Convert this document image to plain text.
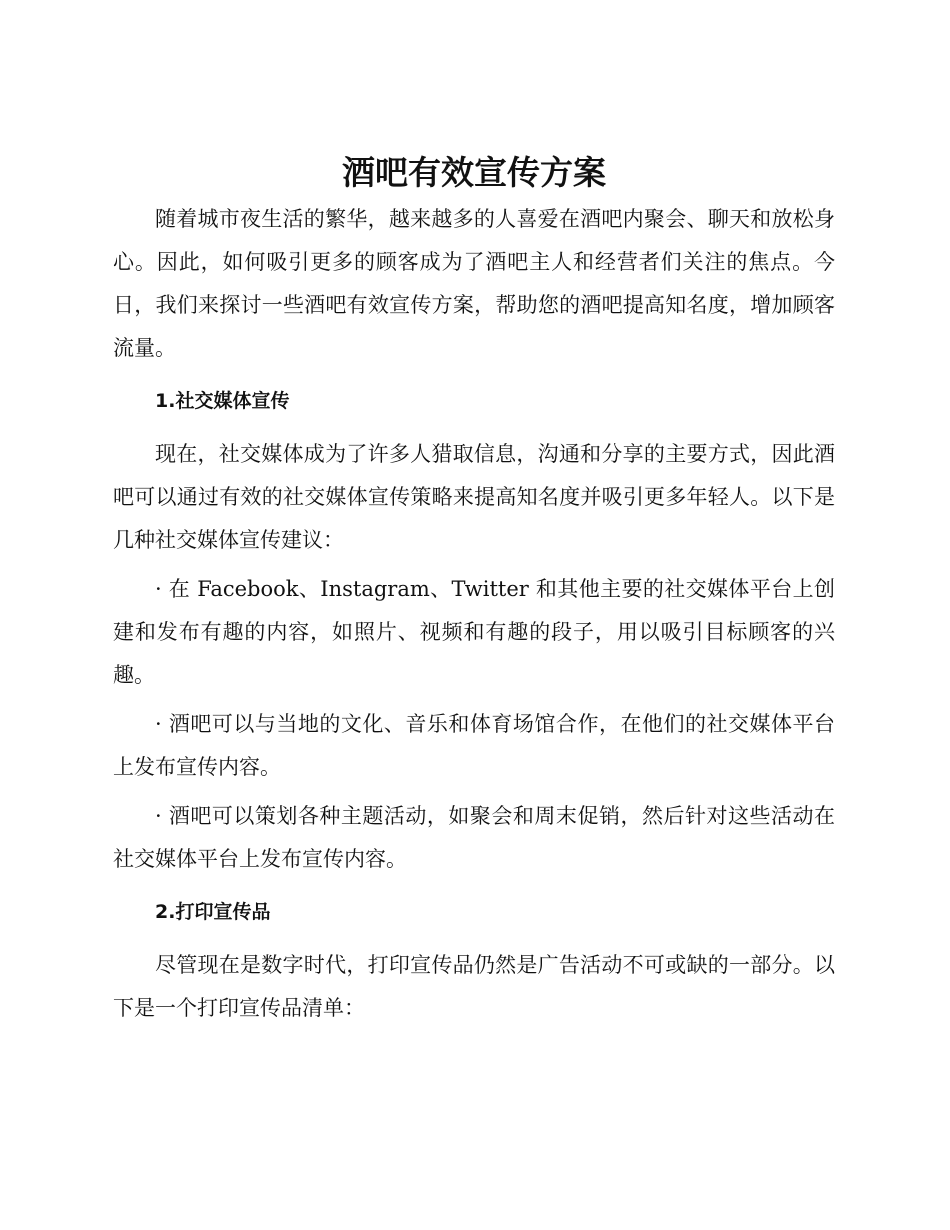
酒吧有效宣传方案

随着城市夜生活的繁华，越来越多的人喜爱在酒吧内聚会、聊天和放松身心。因此，如何吸引更多的顾客成为了酒吧主人和经营者们关注的焦点。今日，我们来探讨一些酒吧有效宣传方案，帮助您的酒吧提高知名度，增加顾客流量。

1.社交媒体宣传

现在，社交媒体成为了许多人猎取信息，沟通和分享的主要方式，因此酒吧可以通过有效的社交媒体宣传策略来提高知名度并吸引更多年轻人。以下是几种社交媒体宣传建议：

· 在 Facebook、Instagram、Twitter 和其他主要的社交媒体平台上创建和发布有趣的内容，如照片、视频和有趣的段子，用以吸引目标顾客的兴趣。

· 酒吧可以与当地的文化、音乐和体育场馆合作，在他们的社交媒体平台上发布宣传内容。

· 酒吧可以策划各种主题活动，如聚会和周末促销，然后针对这些活动在社交媒体平台上发布宣传内容。

2.打印宣传品

尽管现在是数字时代，打印宣传品仍然是广告活动不可或缺的一部分。以下是一个打印宣传品清单：
